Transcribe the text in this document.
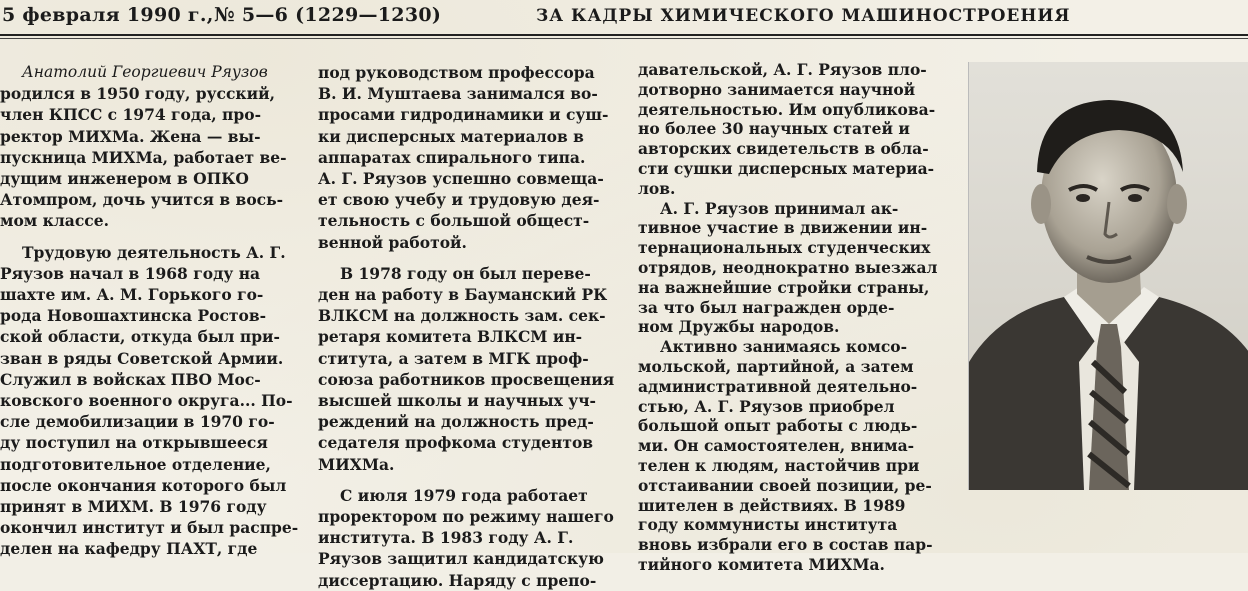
5 февраля 1990 г., № 5—6 (1229—1230)	ЗА КАДРЫ ХИМИЧЕСКОГО МАШИНОСТРОЕНИЯ
Анатолий Георгиевич Ряузов
родился в 1950 году, русский,
член КПСС с 1974 года, про-
ректор МИХМа. Жена — вы-
пускница МИХМа, работает ве-
дущим инженером в ОПКО
Атомпром, дочь учится в вось-
мом классе.
Трудовую деятельность А. Г.
Ряузов начал в 1968 году на
шахте им. А. М. Горького го-
рода Новошахтинска Ростов-
ской области, откуда был при-
зван в ряды Советской Армии.
Служил в войсках ПВО Мос-
ковского военного округа... По-
сле демобилизации в 1970 го-
ду поступил на открывшееся
подготовительное отделение,
после окончания которого был
принят в МИХМ. В 1976 году
окончил институт и был распре-
делен на кафедру ПАХТ, где
под руководством профессора
В. И. Муштаева занимался во-
просами гидродинамики и суш-
ки дисперсных материалов в
аппаратах спирального типа.
А. Г. Ряузов успешно совмеща-
ет свою учебу и трудовую дея-
тельность с большой общест-
венной работой.
В 1978 году он был переве-
ден на работу в Бауманский РК
ВЛКСМ на должность зам. сек-
ретаря комитета ВЛКСМ ин-
ститута, а затем в МГК проф-
союза работников просвещения
высшей школы и научных уч-
реждений на должность пред-
седателя профкома студентов
МИХМа.
С июля 1979 года работает
проректором по режиму нашего
института. В 1983 году А. Г.
Ряузов защитил кандидатскую
диссертацию. Наряду с препо-
давательской, А. Г. Ряузов пло-
дотворно занимается научной
деятельностью. Им опубликова-
но более 30 научных статей и
авторских свидетельств в обла-
сти сушки дисперсных материа-
лов.
А. Г. Ряузов принимал ак-
тивное участие в движении ин-
тернациональных студенческих
отрядов, неоднократно выезжал
на важнейшие стройки страны,
за что был награжден орде-
ном Дружбы народов.
Активно занимаясь комсо-
мольской, партийной, а затем
административной деятельно-
стью, А. Г. Ряузов приобрел
большой опыт работы с людь-
ми. Он самостоятелен, внима-
телен к людям, настойчив при
отстаивании своей позиции, ре-
шителен в действиях. В 1989
году коммунисты института
вновь избрали его в состав пар-
тийного комитета МИХМа.
